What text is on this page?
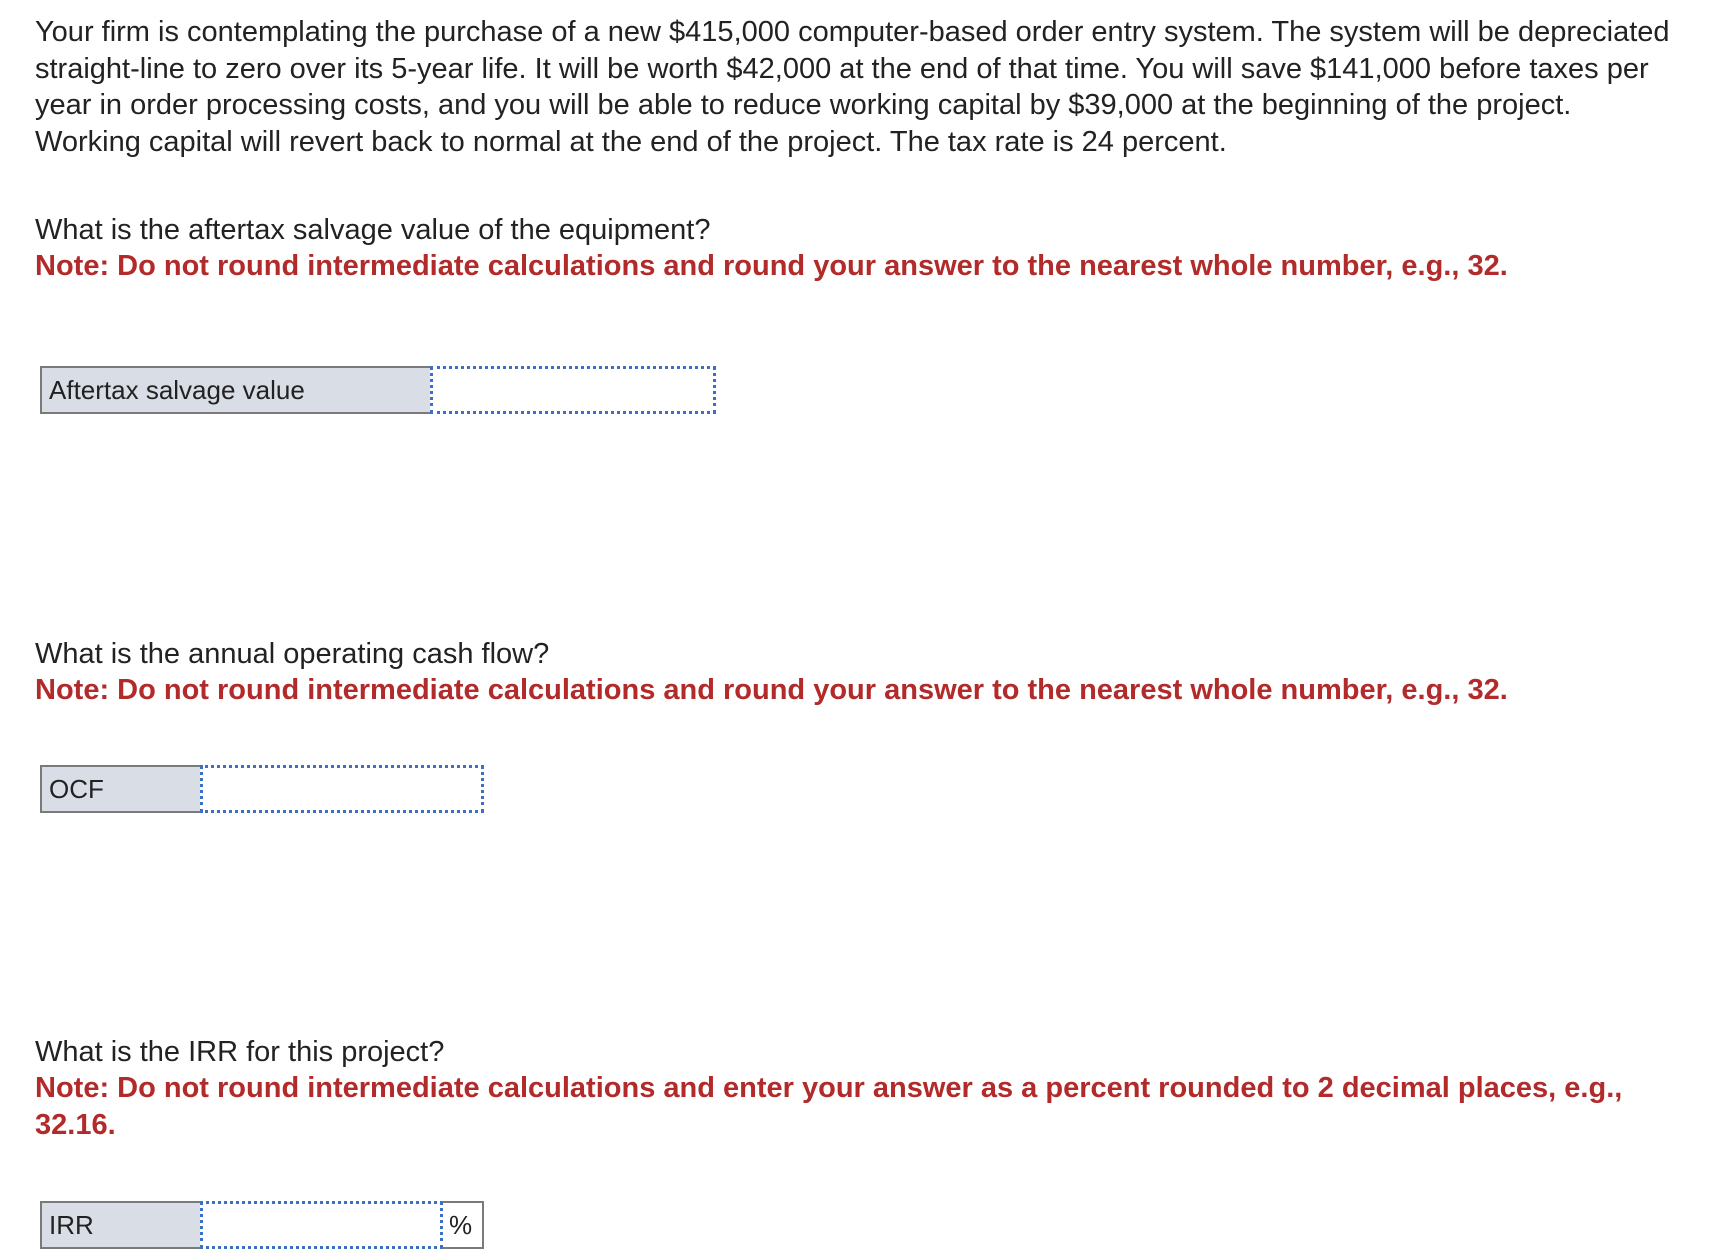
Your firm is contemplating the purchase of a new $415,000 computer-based order entry system. The system will be depreciated straight-line to zero over its 5-year life. It will be worth $42,000 at the end of that time. You will save $141,000 before taxes per year in order processing costs, and you will be able to reduce working capital by $39,000 at the beginning of the project. Working capital will revert back to normal at the end of the project. The tax rate is 24 percent.

What is the aftertax salvage value of the equipment?

Note: Do not round intermediate calculations and round your answer to the nearest whole number, e.g., 32.

Aftertax salvage value

What is the annual operating cash flow?

Note: Do not round intermediate calculations and round your answer to the nearest whole number, e.g., 32.

OCF

What is the IRR for this project?

Note: Do not round intermediate calculations and enter your answer as a percent rounded to 2 decimal places, e.g., 32.16.

IRR	%
